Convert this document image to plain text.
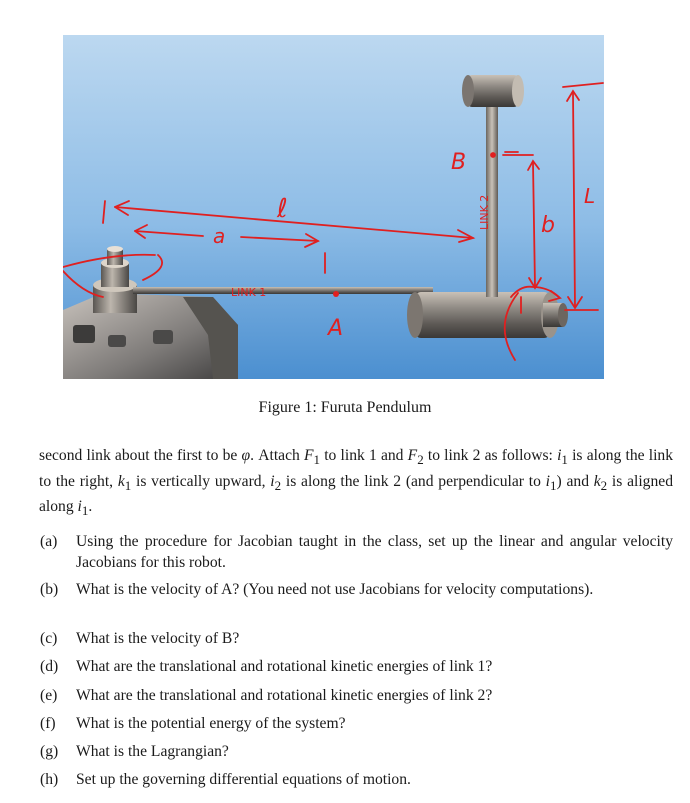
ℓ
a	b
L
B
A
LINK 1
LINK 2
Figure 1: Furuta Pendulum
second link about the first to be φ. Attach $F_1$ to link 1 and $F_2$ to link 2 as follows: $i_1$ is along the link to the right, $k_1$ is vertically upward, $i_2$ is along the link 2 (and perpendicular to $i_1$) and $k_2$ is aligned along $i_1$.
(a) Using the procedure for Jacobian taught in the class, set up the linear and angular velocity Jacobians for this robot.
(b) What is the velocity of A? (You need not use Jacobians for velocity computations).
(c) What is the velocity of B?
(d) What are the translational and rotational kinetic energies of link 1?
(e) What are the translational and rotational kinetic energies of link 2?
(f) What is the potential energy of the system?
(g) What is the Lagrangian?
(h) Set up the governing differential equations of motion.
